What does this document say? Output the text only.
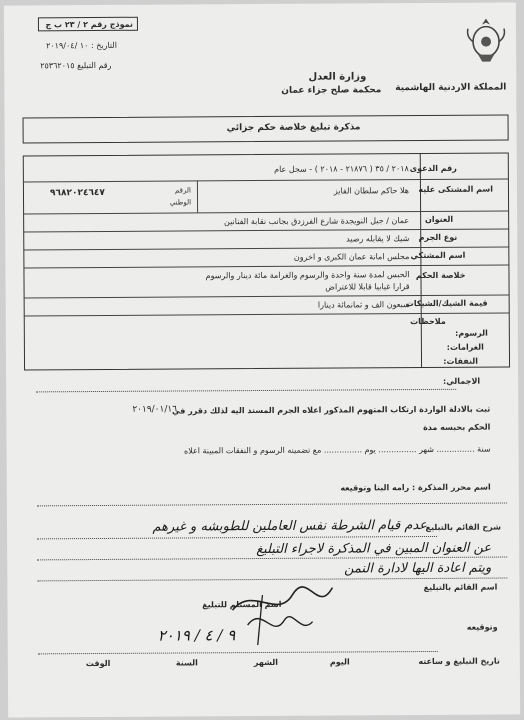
المملكة الاردنية الهاشمية
وزارة العدل
محكمة صلح جزاء عمان
نموذج رقم ٢ / ٢٣ ب ج
التاريخ : ١٠ /٢٠١٩/٠٤
رقم التبليغ ٢٥٣٦٢٠١٥
مذكرة تبليغ خلاصة حكم جزائي
رقم الدعوى
٢٠١٨ / ٣٥ ( ٢١٨٧٦ - ٢٠١٨ ) - سجل عام
اسم المشتكى عليه
هلا حاكم سلطان الفايز
الرقم الوطني
٩٦٨٢٠٢٤٦٤٧
العنوان
عمان / جبل النويجدة شارع الفرزدق بجانب نقابة الفنانين
نوع الجرم
شيك لا يقابله رصيد
اسم المشتكي
مجلس امانة عمان الكبرى و اخرون
خلاصة الحكم
الحبس لمدة سنة واحدة والرسوم والغرامة مائة دينار والرسوم
قرارا غيابيا قابلا للاعتراض
قيمة الشيك/الشيكات
سبعون الف و ثمانمائة دينارا
ملاحظات
الرسوم:
الغرامات:
النفقات:
الاجمالي:
ثبت بالادلة الواردة ارتكاب المتهوم المذكور اعلاه الجرم المسند اليه لذلك دقرر في
٢٠١٩/٠١/١٦
الحكم بحبسه مدة
سنة ............... شهر ............... يوم ............... مع تضمينه الرسوم و النفقات المبينة اعلاه
اسم محرر المذكرة : رامه البنا وتوقيعه
شرح القائم بالتبليغ
عدم قيام الشرطة نفس العاملين للطوبشه و غيرهم
عن العنوان المبين في المذكرة لاجراء التبليغ
ويتم اعادة اليها لادارة النمن
اسم القائم بالتبليغ
اسم المستلم للتبليغ
وتوقيعه
٩ / ٤ / ٢٠١٩
تاريخ التبليغ و ساعته
اليوم
الشهر
السنة
الوقت
